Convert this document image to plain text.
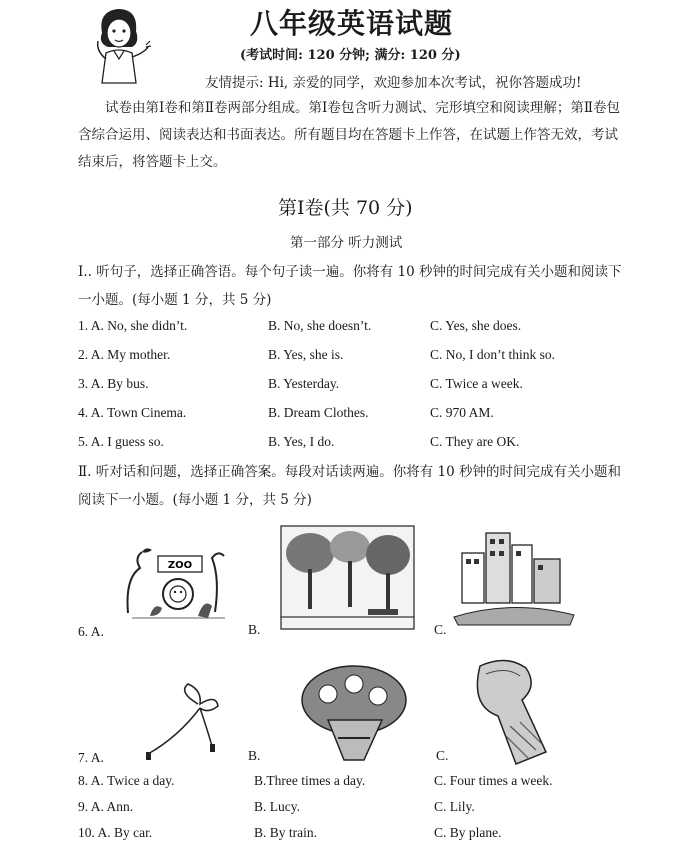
八年级英语试题
(考试时间: 120 分钟; 满分: 120 分)
友情提示: Hi, 亲爱的同学，欢迎参加本次考试，祝你答题成功!
试卷由第Ⅰ卷和第Ⅱ卷两部分组成。第Ⅰ卷包含听力测试、完形填空和阅读理解；第Ⅱ卷包含综合运用、阅读表达和书面表达。所有题目均在答题卡上作答，在试题上作答无效，考试结束后，将答题卡上交。
第Ⅰ卷(共 70 分)
第一部分 听力测试
Ⅰ.. 听句子，选择正确答语。每个句子读一遍。你将有 10 秒钟的时间完成有关小题和阅读下一小题。(每小题 1 分，共 5 分)
1. A. No, she didn’t.	B. No, she doesn’t.	C. Yes, she does.
2. A. My mother.	B. Yes, she is.	C. No, I don’t think so.
3. A. By bus.	B. Yesterday.	C. Twice a week.
4. A. Town Cinema.	B. Dream Clothes.	C. 970 AM.
5. A. I guess so.	B. Yes, I do.	C. They are OK.
Ⅱ. 听对话和问题，选择正确答案。每段对话读两遍。你将有 10 秒钟的时间完成有关小题和阅读下一小题。(每小题 1 分，共 5 分)
6. A.
ZOO
B.	C.
7. A.	B.	C.
8. A. Twice a day.	B.Three times a day.	C. Four times a week.
9. A. Ann.	B. Lucy.	C. Lily.
10. A. By car.	B. By train.	C. By plane.
